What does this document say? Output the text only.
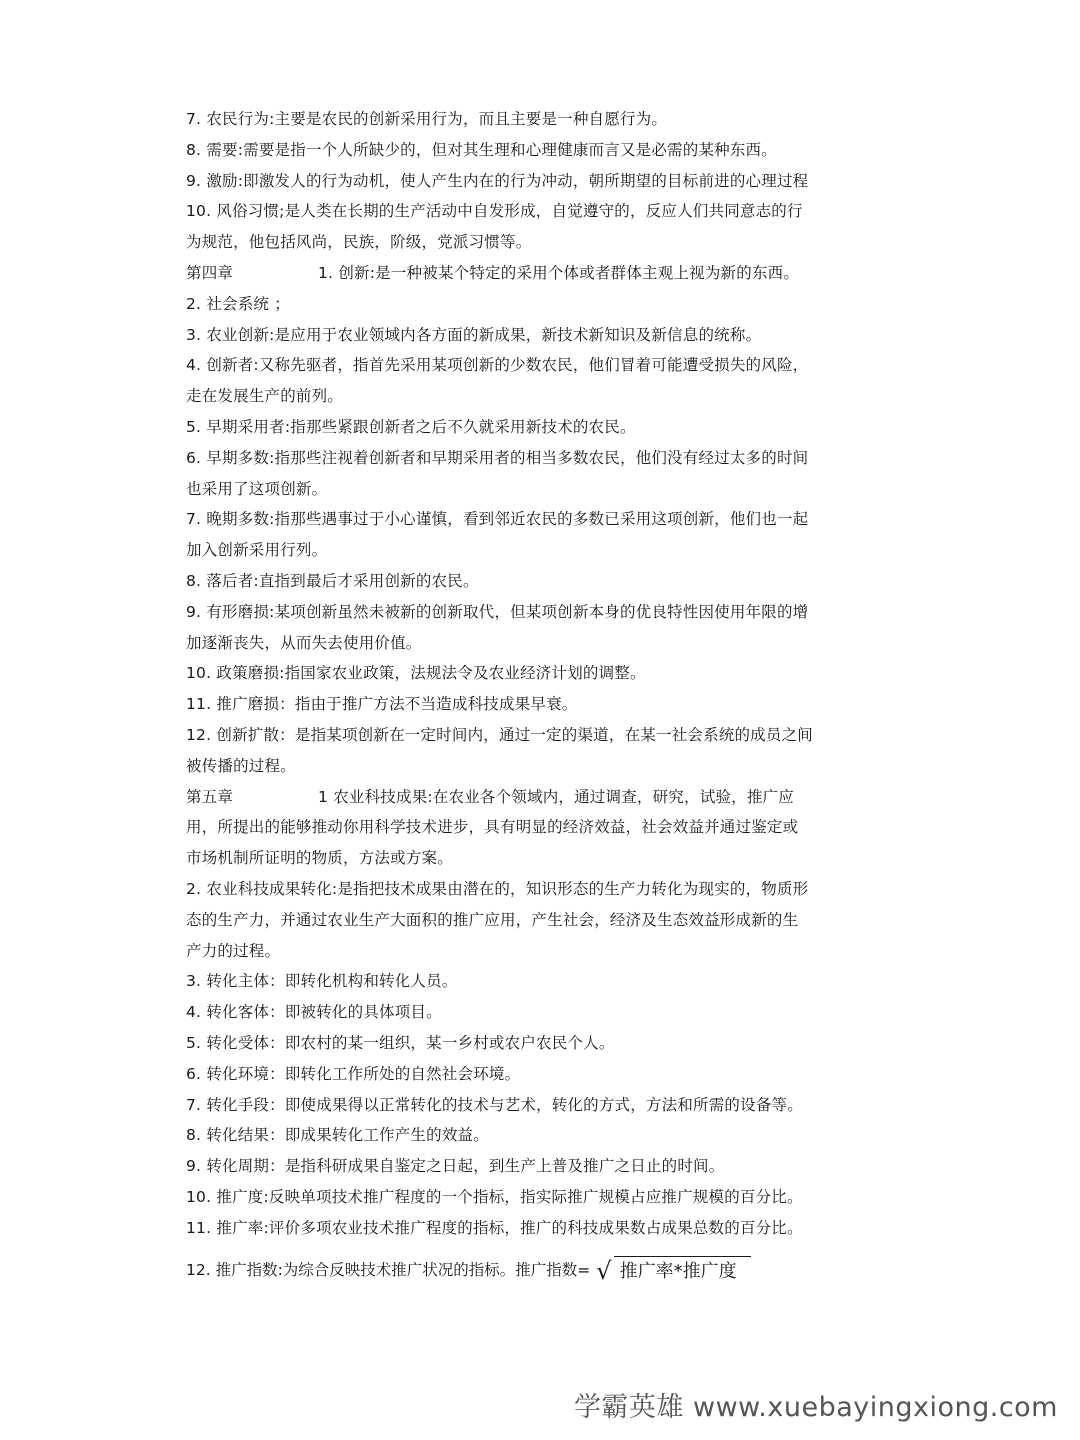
7. 农民行为:主要是农民的创新采用行为，而且主要是一种自愿行为。
8. 需要:需要是指一个人所缺少的，但对其生理和心理健康而言又是必需的某种东西。
9. 激励:即激发人的行为动机，使人产生内在的行为冲动，朝所期望的目标前进的心理过程
10. 风俗习惯;是人类在长期的生产活动中自发形成，自觉遵守的，反应人们共同意志的行
为规范，他包括风尚，民族，阶级，党派习惯等。
第四章	1. 创新:是一种被某个特定的采用个体或者群体主观上视为新的东西。
2. 社会系统 ；
3. 农业创新:是应用于农业领域内各方面的新成果，新技术新知识及新信息的统称。
4. 创新者:又称先驱者，指首先采用某项创新的少数农民，他们冒着可能遭受损失的风险，
走在发展生产的前列。
5. 早期采用者:指那些紧跟创新者之后不久就采用新技术的农民。
6. 早期多数:指那些注视着创新者和早期采用者的相当多数农民，他们没有经过太多的时间
也采用了这项创新。
7. 晚期多数:指那些遇事过于小心谨慎，看到邻近农民的多数已采用这项创新，他们也一起
加入创新采用行列。
8. 落后者:直指到最后才采用创新的农民。
9. 有形磨损:某项创新虽然未被新的创新取代，但某项创新本身的优良特性因使用年限的增
加逐渐丧失，从而失去使用价值。
10. 政策磨损:指国家农业政策，法规法令及农业经济计划的调整。
11. 推广磨损：指由于推广方法不当造成科技成果早衰。
12. 创新扩散：是指某项创新在一定时间内，通过一定的渠道，在某一社会系统的成员之间
被传播的过程。
第五章	1 农业科技成果:在农业各个领域内，通过调查，研究，试验，推广应
用，所提出的能够推动你用科学技术进步，具有明显的经济效益，社会效益并通过鉴定或
市场机制所证明的物质，方法或方案。
2. 农业科技成果转化:是指把技术成果由潜在的，知识形态的生产力转化为现实的，物质形
态的生产力，并通过农业生产大面积的推广应用，产生社会，经济及生态效益形成新的生
产力的过程。
3. 转化主体：即转化机构和转化人员。
4. 转化客体：即被转化的具体项目。
5. 转化受体：即农村的某一组织，某一乡村或农户农民个人。
6. 转化环境：即转化工作所处的自然社会环境。
7. 转化手段：即使成果得以正常转化的技术与艺术，转化的方式，方法和所需的设备等。
8. 转化结果：即成果转化工作产生的效益。
9. 转化周期：是指科研成果自鉴定之日起，到生产上普及推广之日止的时间。
10. 推广度:反映单项技术推广程度的一个指标，指实际推广规模占应推广规模的百分比。
11. 推广率:评价多项农业技术推广程度的指标，推广的科技成果数占成果总数的百分比。
12. 推广指数:为综合反映技术推广状况的指标。推广指数= √ 推广率*推广度
学霸英雄 www.xuebayingxiong.com
